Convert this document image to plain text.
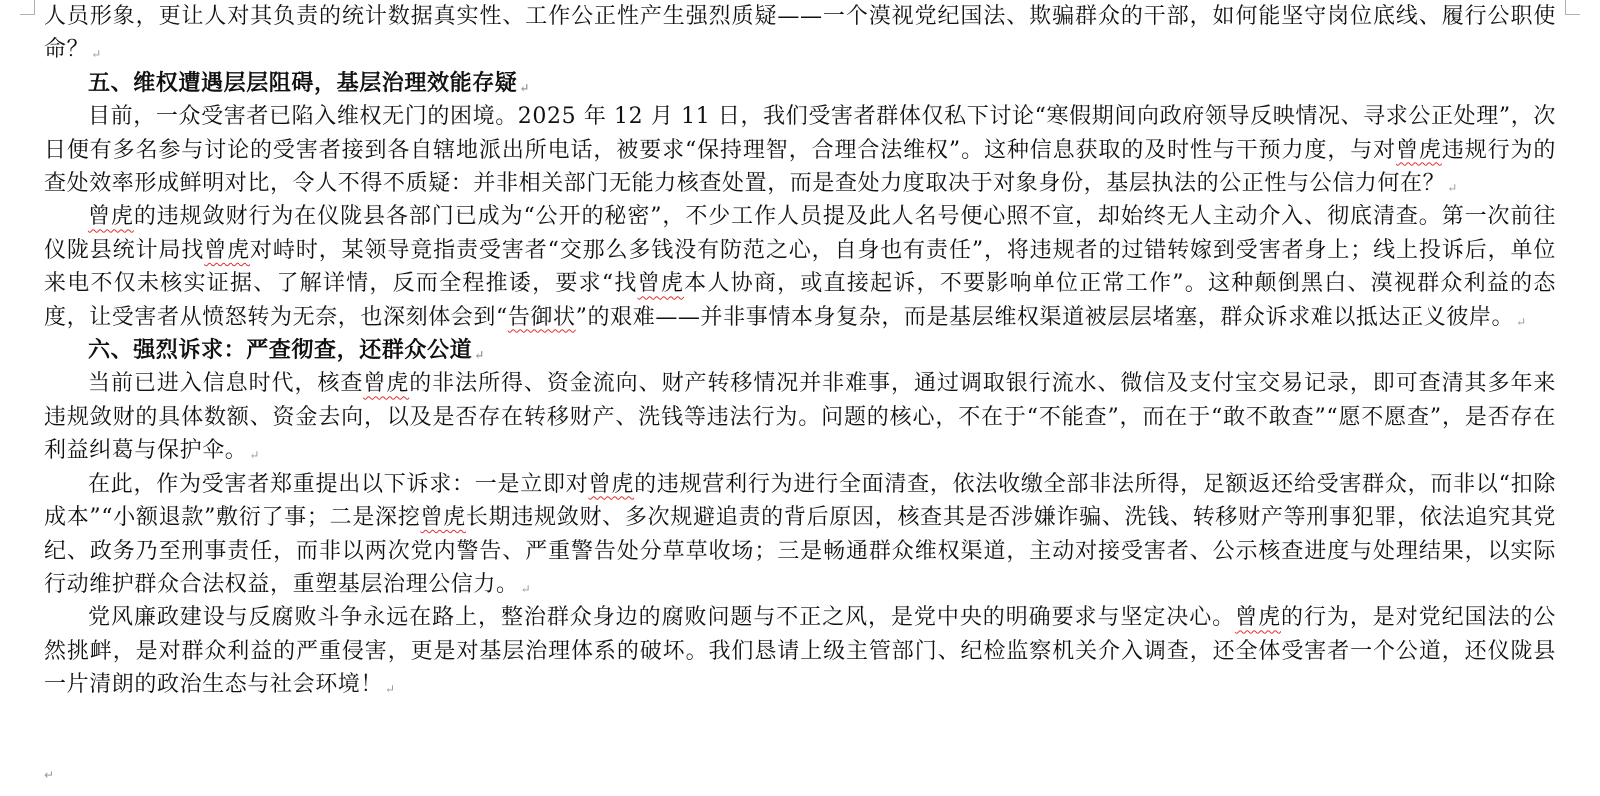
人员形象，更让人对其负责的统计数据真实性、工作公正性产生强烈质疑——一个漠视党纪国法、欺骗群众的干部，如何能坚守岗位底线、履行公职使命？ ↵

五、维权遭遇层层阻碍，基层治理效能存疑 ↵

目前，一众受害者已陷入维权无门的困境。2025 年 12 月 11 日，我们受害者群体仅私下讨论“寒假期间向政府领导反映情况、寻求公正处理”，次日便有多名参与讨论的受害者接到各自辖地派出所电话，被要求“保持理智，合理合法维权”。这种信息获取的及时性与干预力度，与对曾虎违规行为的查处效率形成鲜明对比，令人不得不质疑：并非相关部门无能力核查处置，而是查处力度取决于对象身份，基层执法的公正性与公信力何在？ ↵

曾虎的违规敛财行为在仪陇县各部门已成为“公开的秘密”，不少工作人员提及此人名号便心照不宣，却始终无人主动介入、彻底清查。第一次前往仪陇县统计局找曾虎对峙时，某领导竟指责受害者“交那么多钱没有防范之心，自身也有责任”，将违规者的过错转嫁到受害者身上；线上投诉后，单位来电不仅未核实证据、了解详情，反而全程推诿，要求“找曾虎本人协商，或直接起诉，不要影响单位正常工作”。这种颠倒黑白、漠视群众利益的态度，让受害者从愤怒转为无奈，也深刻体会到“告御状”的艰难——并非事情本身复杂，而是基层维权渠道被层层堵塞，群众诉求难以抵达正义彼岸。 ↵

六、强烈诉求：严查彻查，还群众公道 ↵

当前已进入信息时代，核查曾虎的非法所得、资金流向、财产转移情况并非难事，通过调取银行流水、微信及支付宝交易记录，即可查清其多年来违规敛财的具体数额、资金去向，以及是否存在转移财产、洗钱等违法行为。问题的核心，不在于“不能查”，而在于“敢不敢查”“愿不愿查”，是否存在利益纠葛与保护伞。 ↵

在此，作为受害者郑重提出以下诉求：一是立即对曾虎的违规营利行为进行全面清查，依法收缴全部非法所得，足额返还给受害群众，而非以“扣除成本”“小额退款”敷衍了事；二是深挖曾虎长期违规敛财、多次规避追责的背后原因，核查其是否涉嫌诈骗、洗钱、转移财产等刑事犯罪，依法追究其党纪、政务乃至刑事责任，而非以两次党内警告、严重警告处分草草收场；三是畅通群众维权渠道，主动对接受害者、公示核查进度与处理结果，以实际行动维护群众合法权益，重塑基层治理公信力。 ↵

党风廉政建设与反腐败斗争永远在路上，整治群众身边的腐败问题与不正之风，是党中央的明确要求与坚定决心。曾虎的行为，是对党纪国法的公然挑衅，是对群众利益的严重侵害，更是对基层治理体系的破坏。我们恳请上级主管部门、纪检监察机关介入调查，还全体受害者一个公道，还仪陇县一片清朗的政治生态与社会环境！ ↵

↵
